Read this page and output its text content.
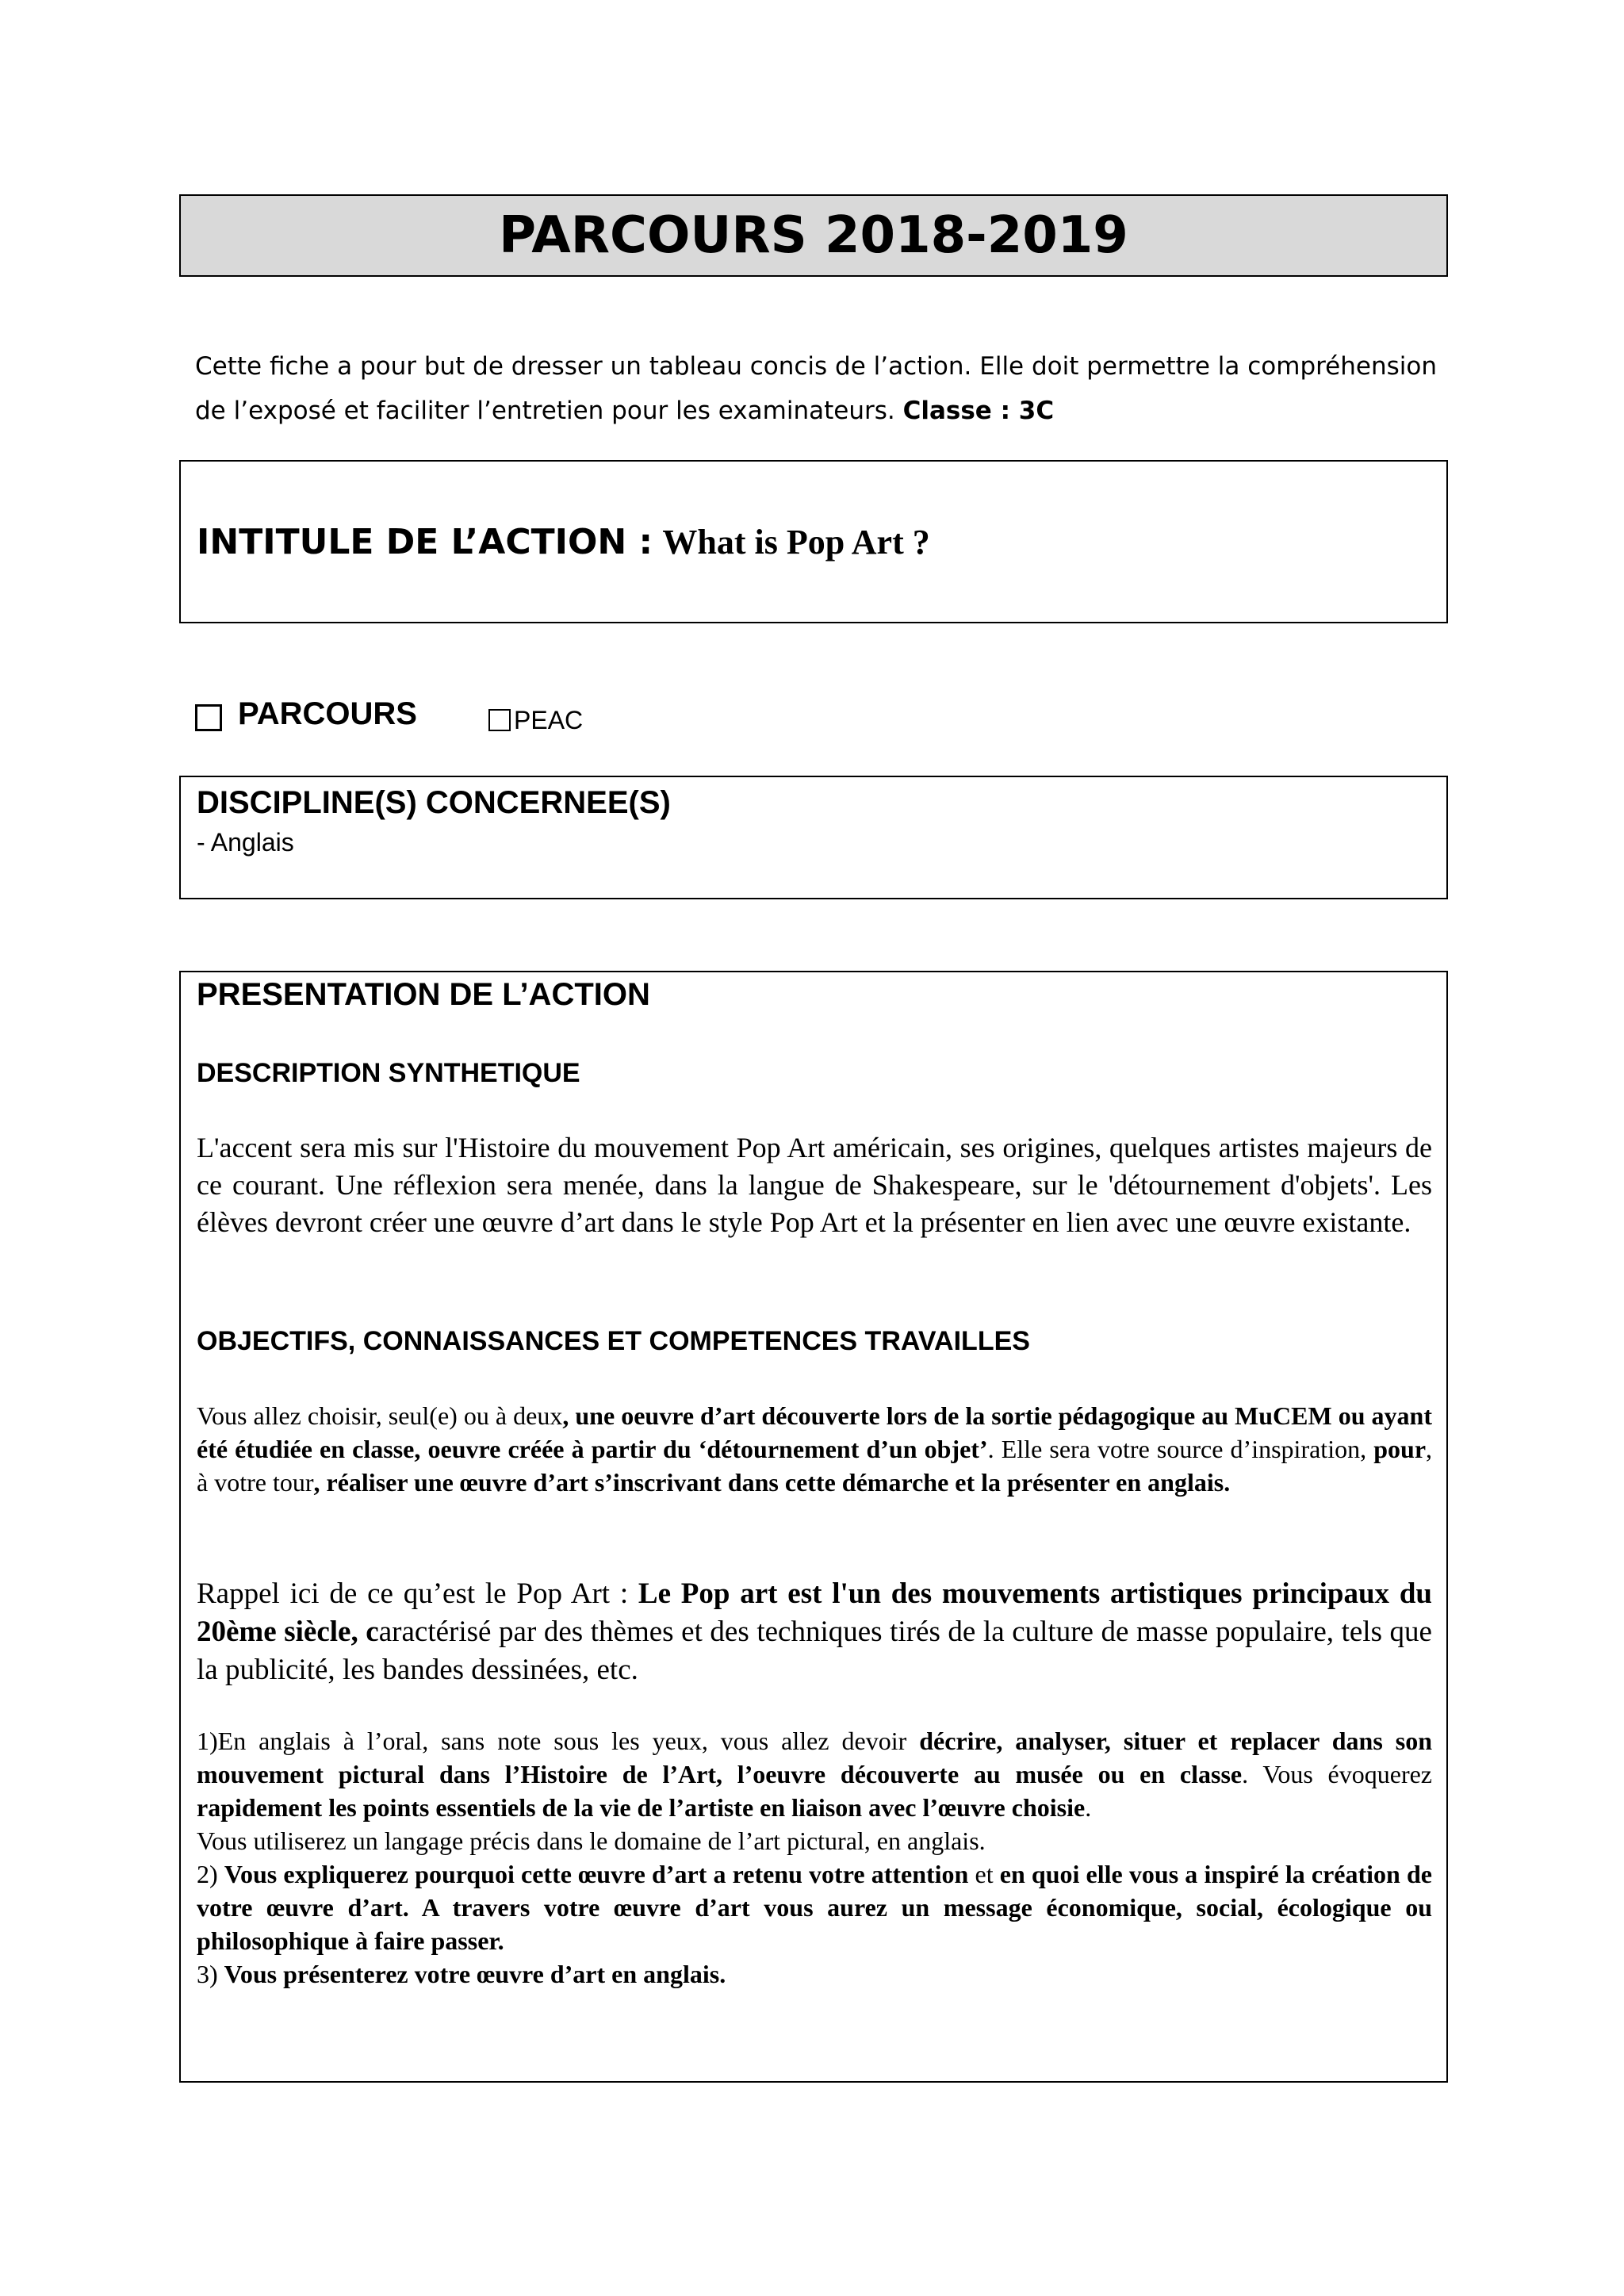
PARCOURS 2018-2019
Cette fiche a pour but de dresser un tableau concis de l’action. Elle doit permettre la compréhension
de l’exposé et faciliter l’entretien pour les examinateurs. Classe : 3C
INTITULE DE L’ACTION : What is Pop Art ?
PARCOURS	PEAC
DISCIPLINE(S) CONCERNEE(S)
- Anglais
PRESENTATION DE L’ACTION
DESCRIPTION SYNTHETIQUE
L'accent sera mis sur l'Histoire du mouvement Pop Art américain, ses origines, quelques artistes majeurs de ce courant. Une réflexion sera menée, dans la langue de Shakespeare, sur le 'détournement d'objets'. Les élèves devront créer une œuvre d’art dans le style Pop Art et la présenter en lien avec une œuvre existante.
OBJECTIFS, CONNAISSANCES ET COMPETENCES TRAVAILLES
Vous allez choisir, seul(e) ou à deux, une oeuvre d’art découverte lors de la sortie pédagogique au MuCEM ou ayant été étudiée en classe, oeuvre créée à partir du ‘détournement d’un objet’. Elle sera votre source d’inspiration, pour, à votre tour, réaliser une œuvre d’art s’inscrivant dans cette démarche et la présenter en anglais.
Rappel ici de ce qu’est le Pop Art : Le Pop art est l'un des mouvements artistiques principaux du 20ème siècle, caractérisé par des thèmes et des techniques tirés de la culture de masse populaire, tels que la publicité, les bandes dessinées, etc.
1)En anglais à l’oral, sans note sous les yeux, vous allez devoir décrire, analyser, situer et replacer dans son mouvement pictural dans l’Histoire de l’Art, l’oeuvre découverte au musée ou en classe. Vous évoquerez rapidement les points essentiels de la vie de l’artiste en liaison avec l’œuvre choisie.
Vous utiliserez un langage précis dans le domaine de l’art pictural, en anglais.
2) Vous expliquerez pourquoi cette œuvre d’art a retenu votre attention et en quoi elle vous a inspiré la création de votre œuvre d’art. A travers votre œuvre d’art vous aurez un message économique, social, écologique ou philosophique à faire passer.
3) Vous présenterez votre œuvre d’art en anglais.
